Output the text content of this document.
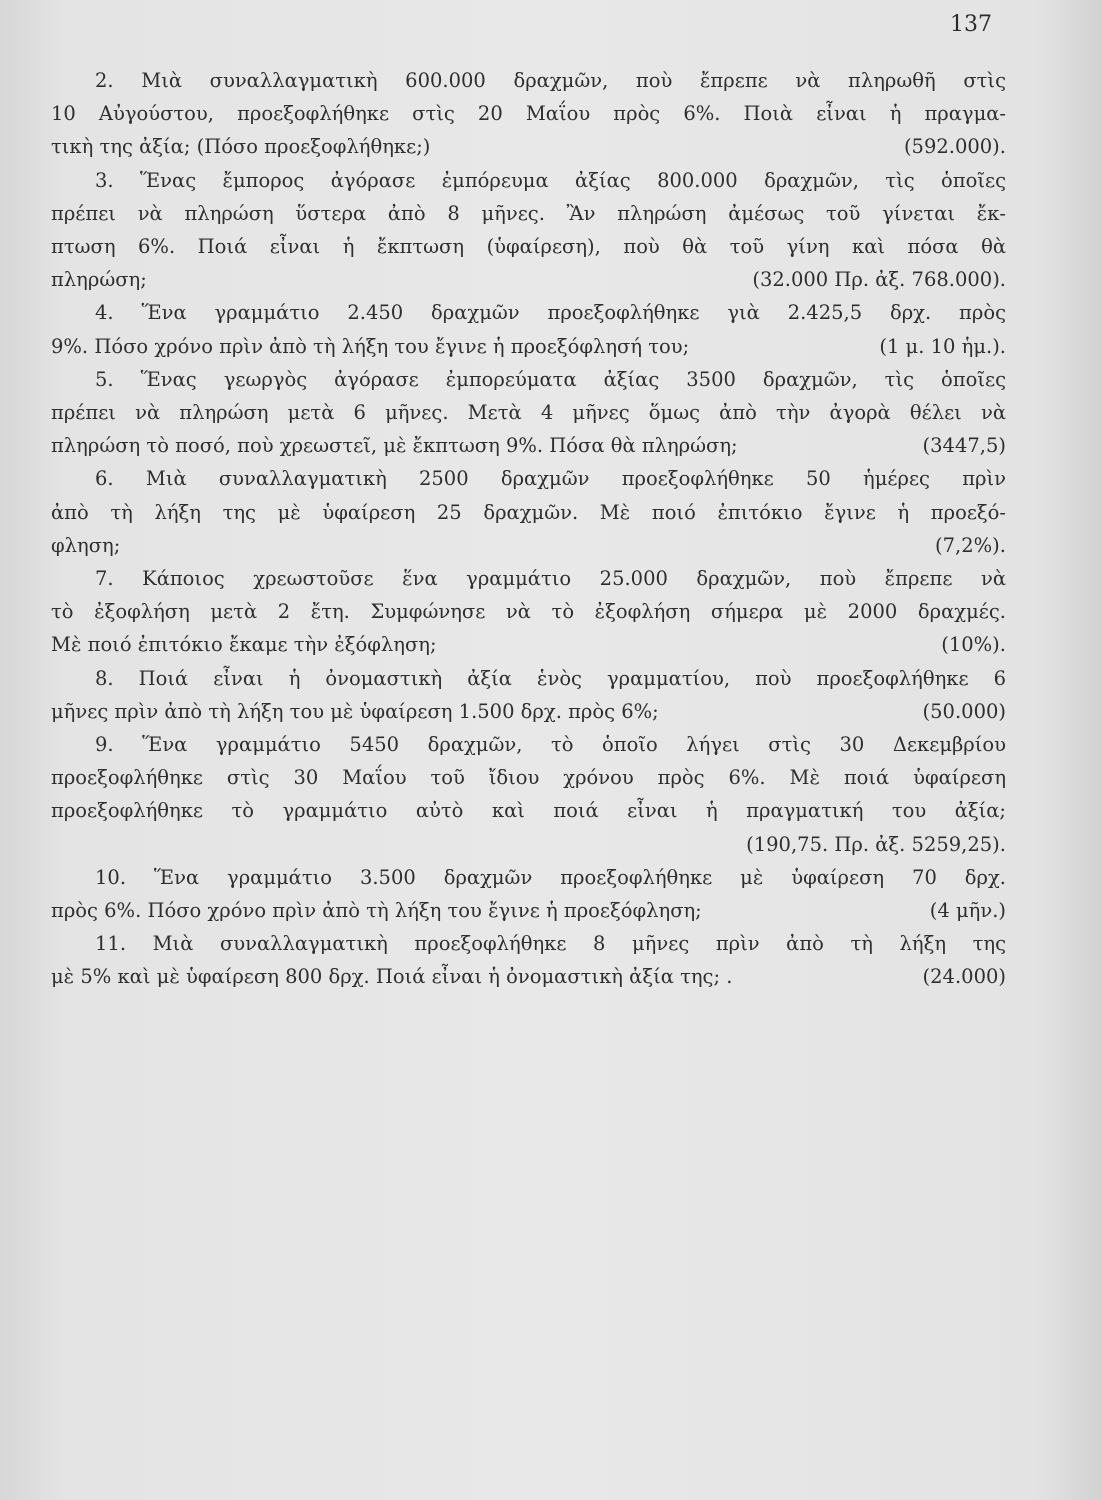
137
2. Μιὰ συναλλαγματικὴ 600.000 δραχμῶν, ποὺ ἔπρεπε νὰ πληρωθῆ στὶς
10 Αὐγούστου, προεξοφλήθηκε στὶς 20 Μαΐου πρὸς 6%. Ποιὰ εἶναι ἡ πραγμα-
τικὴ της ἀξία; (Πόσο προεξοφλήθηκε;)	(592.000).
3. Ἕνας ἔμπορος ἀγόρασε ἐμπόρευμα ἀξίας 800.000 δραχμῶν, τὶς ὁποῖες
πρέπει νὰ πληρώση ὕστερα ἀπὸ 8 μῆνες. Ἂν πληρώση ἀμέσως τοῦ γίνεται ἔκ-
πτωση 6%. Ποιά εἶναι ἡ ἔκπτωση (ὑφαίρεση), ποὺ θὰ τοῦ γίνη καὶ πόσα θὰ
πληρώση;	(32.000 Πρ. ἀξ. 768.000).
4. Ἕνα γραμμάτιο 2.450 δραχμῶν προεξοφλήθηκε γιὰ 2.425,5 δρχ. πρὸς
9%. Πόσο χρόνο πρὶν ἀπὸ τὴ λήξη του ἔγινε ἡ προεξόφλησή του;	(1 μ. 10 ἡμ.).
5. Ἕνας γεωργὸς ἀγόρασε ἐμπορεύματα ἀξίας 3500 δραχμῶν, τὶς ὁποῖες
πρέπει νὰ πληρώση μετὰ 6 μῆνες. Μετὰ 4 μῆνες ὅμως ἀπὸ τὴν ἀγορὰ θέλει νὰ
πληρώση τὸ ποσό, ποὺ χρεωστεῖ, μὲ ἔκπτωση 9%. Πόσα θὰ πληρώση;	(3447,5)
6. Μιὰ συναλλαγματικὴ 2500 δραχμῶν προεξοφλήθηκε 50 ἡμέρες πρὶν
ἀπὸ τὴ λήξη της μὲ ὑφαίρεση 25 δραχμῶν. Μὲ ποιό ἐπιτόκιο ἔγινε ἡ προεξό-
φληση;	(7,2%).
7. Κάποιος χρεωστοῦσε ἕνα γραμμάτιο 25.000 δραχμῶν, ποὺ ἔπρεπε νὰ
τὸ ἐξοφλήση μετὰ 2 ἔτη. Συμφώνησε νὰ τὸ ἐξοφλήση σήμερα μὲ 2000 δραχμές.
Μὲ ποιό ἐπιτόκιο ἔκαμε τὴν ἐξόφληση;	(10%).
8. Ποιά εἶναι ἡ ὀνομαστικὴ ἀξία ἑνὸς γραμματίου, ποὺ προεξοφλήθηκε 6
μῆνες πρὶν ἀπὸ τὴ λήξη του μὲ ὑφαίρεση 1.500 δρχ. πρὸς 6%;	(50.000)
9. Ἕνα γραμμάτιο 5450 δραχμῶν, τὸ ὁποῖο λήγει στὶς 30 Δεκεμβρίου
προεξοφλήθηκε στὶς 30 Μαΐου τοῦ ἴδιου χρόνου πρὸς 6%. Μὲ ποιά ὑφαίρεση
προεξοφλήθηκε τὸ γραμμάτιο αὐτὸ καὶ ποιά εἶναι ἡ πραγματική του ἀξία;
(190,75. Πρ. ἀξ. 5259,25).
10. Ἕνα γραμμάτιο 3.500 δραχμῶν προεξοφλήθηκε μὲ ὑφαίρεση 70 δρχ.
πρὸς 6%. Πόσο χρόνο πρὶν ἀπὸ τὴ λήξη του ἔγινε ἡ προεξόφληση;	(4 μῆν.)
11. Μιὰ συναλλαγματικὴ προεξοφλήθηκε 8 μῆνες πρὶν ἀπὸ τὴ λήξη της
μὲ 5% καὶ μὲ ὑφαίρεση 800 δρχ. Ποιά εἶναι ἡ ὀνομαστικὴ ἀξία της; .	(24.000)
